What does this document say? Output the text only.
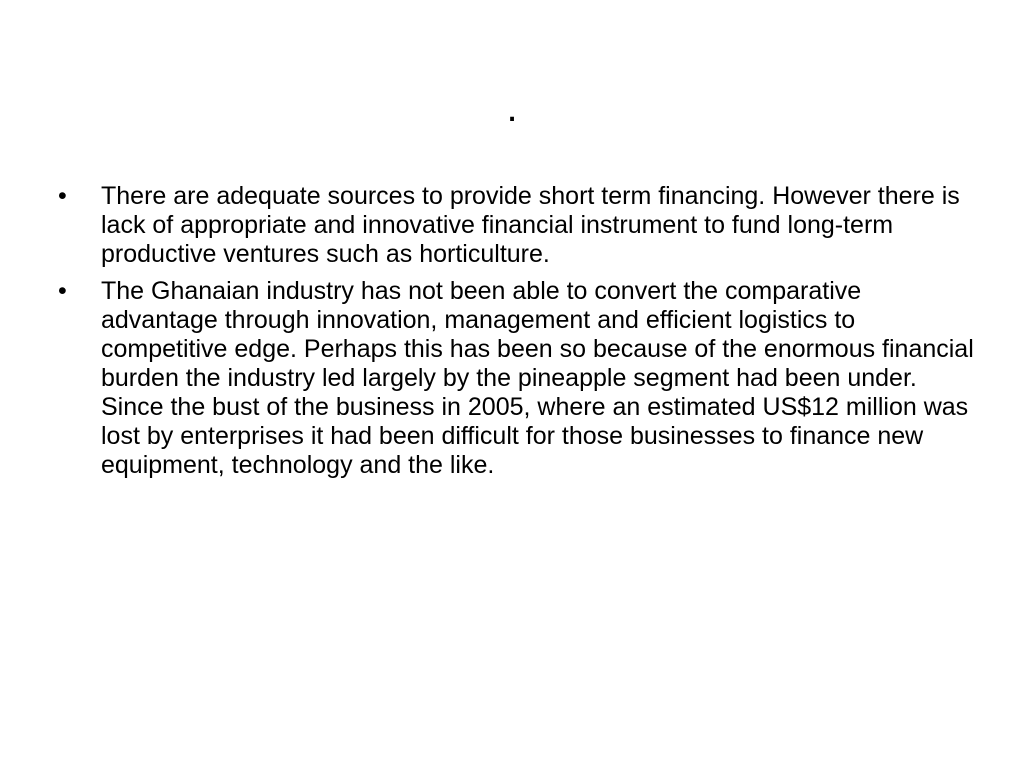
.
• There are adequate sources to provide short term financing. However there is lack of appropriate and innovative financial instrument to fund long-term productive ventures such as horticulture.
• The Ghanaian industry has not been able to convert the comparative advantage through innovation, management and efficient logistics to competitive edge. Perhaps this has been so because of the enormous financial burden the industry led largely by the pineapple segment had been under. Since the bust of the business in 2005, where an estimated US$12 million was lost by enterprises it had been difficult for those businesses to finance new equipment, technology and the like.
